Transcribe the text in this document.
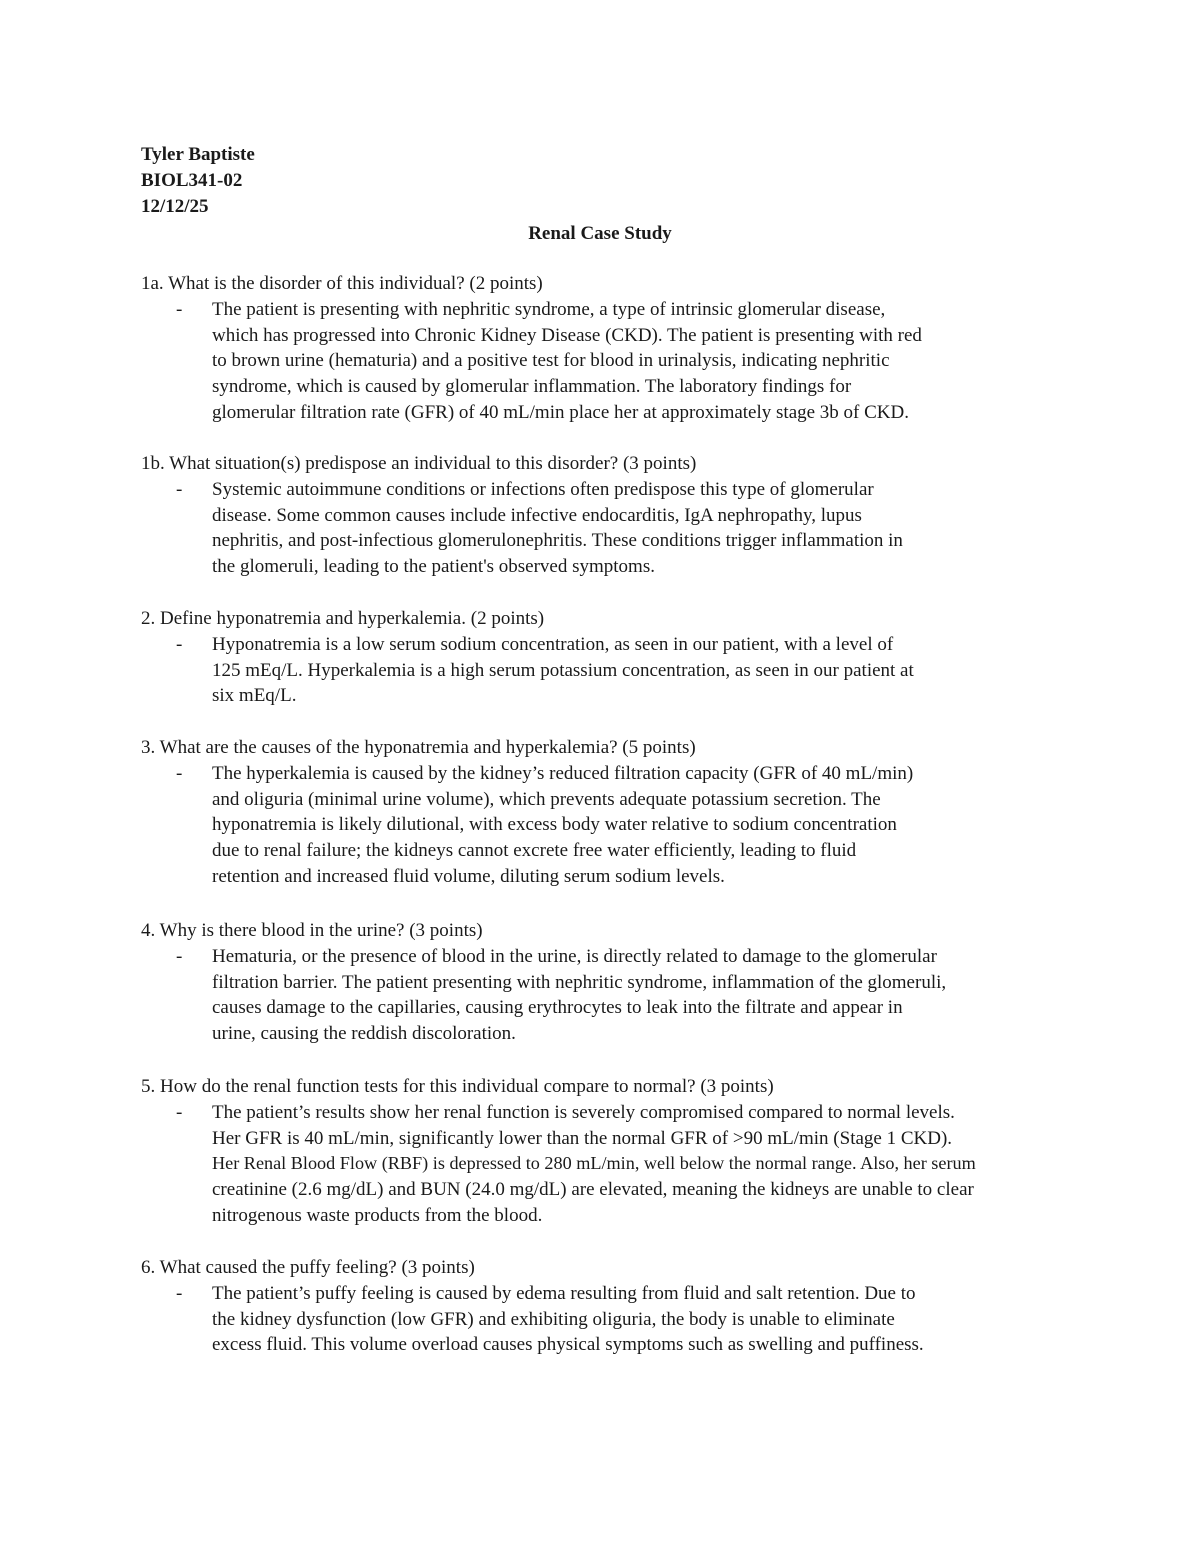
Tyler Baptiste
BIOL341-02
12/12/25
Renal Case Study
1a. What is the disorder of this individual? (2 points)
- The patient is presenting with nephritic syndrome, a type of intrinsic glomerular disease,
which has progressed into Chronic Kidney Disease (CKD). The patient is presenting with red
to brown urine (hematuria) and a positive test for blood in urinalysis, indicating nephritic
syndrome, which is caused by glomerular inflammation. The laboratory findings for
glomerular filtration rate (GFR) of 40 mL/min place her at approximately stage 3b of CKD.
1b. What situation(s) predispose an individual to this disorder? (3 points)
- Systemic autoimmune conditions or infections often predispose this type of glomerular
disease. Some common causes include infective endocarditis, IgA nephropathy, lupus
nephritis, and post-infectious glomerulonephritis. These conditions trigger inflammation in
the glomeruli, leading to the patient's observed symptoms.
2. Define hyponatremia and hyperkalemia. (2 points)
- Hyponatremia is a low serum sodium concentration, as seen in our patient, with a level of
125 mEq/L. Hyperkalemia is a high serum potassium concentration, as seen in our patient at
six mEq/L.
3. What are the causes of the hyponatremia and hyperkalemia? (5 points)
- The hyperkalemia is caused by the kidney’s reduced filtration capacity (GFR of 40 mL/min)
and oliguria (minimal urine volume), which prevents adequate potassium secretion. The
hyponatremia is likely dilutional, with excess body water relative to sodium concentration
due to renal failure; the kidneys cannot excrete free water efficiently, leading to fluid
retention and increased fluid volume, diluting serum sodium levels.
4. Why is there blood in the urine? (3 points)
- Hematuria, or the presence of blood in the urine, is directly related to damage to the glomerular
filtration barrier. The patient presenting with nephritic syndrome, inflammation of the glomeruli,
causes damage to the capillaries, causing erythrocytes to leak into the filtrate and appear in
urine, causing the reddish discoloration.
5. How do the renal function tests for this individual compare to normal? (3 points)
- The patient’s results show her renal function is severely compromised compared to normal levels.
Her GFR is 40 mL/min, significantly lower than the normal GFR of >90 mL/min (Stage 1 CKD).
Her Renal Blood Flow (RBF) is depressed to 280 mL/min, well below the normal range. Also, her serum
creatinine (2.6 mg/dL) and BUN (24.0 mg/dL) are elevated, meaning the kidneys are unable to clear
nitrogenous waste products from the blood.
6. What caused the puffy feeling? (3 points)
- The patient’s puffy feeling is caused by edema resulting from fluid and salt retention. Due to
the kidney dysfunction (low GFR) and exhibiting oliguria, the body is unable to eliminate
excess fluid. This volume overload causes physical symptoms such as swelling and puffiness.
